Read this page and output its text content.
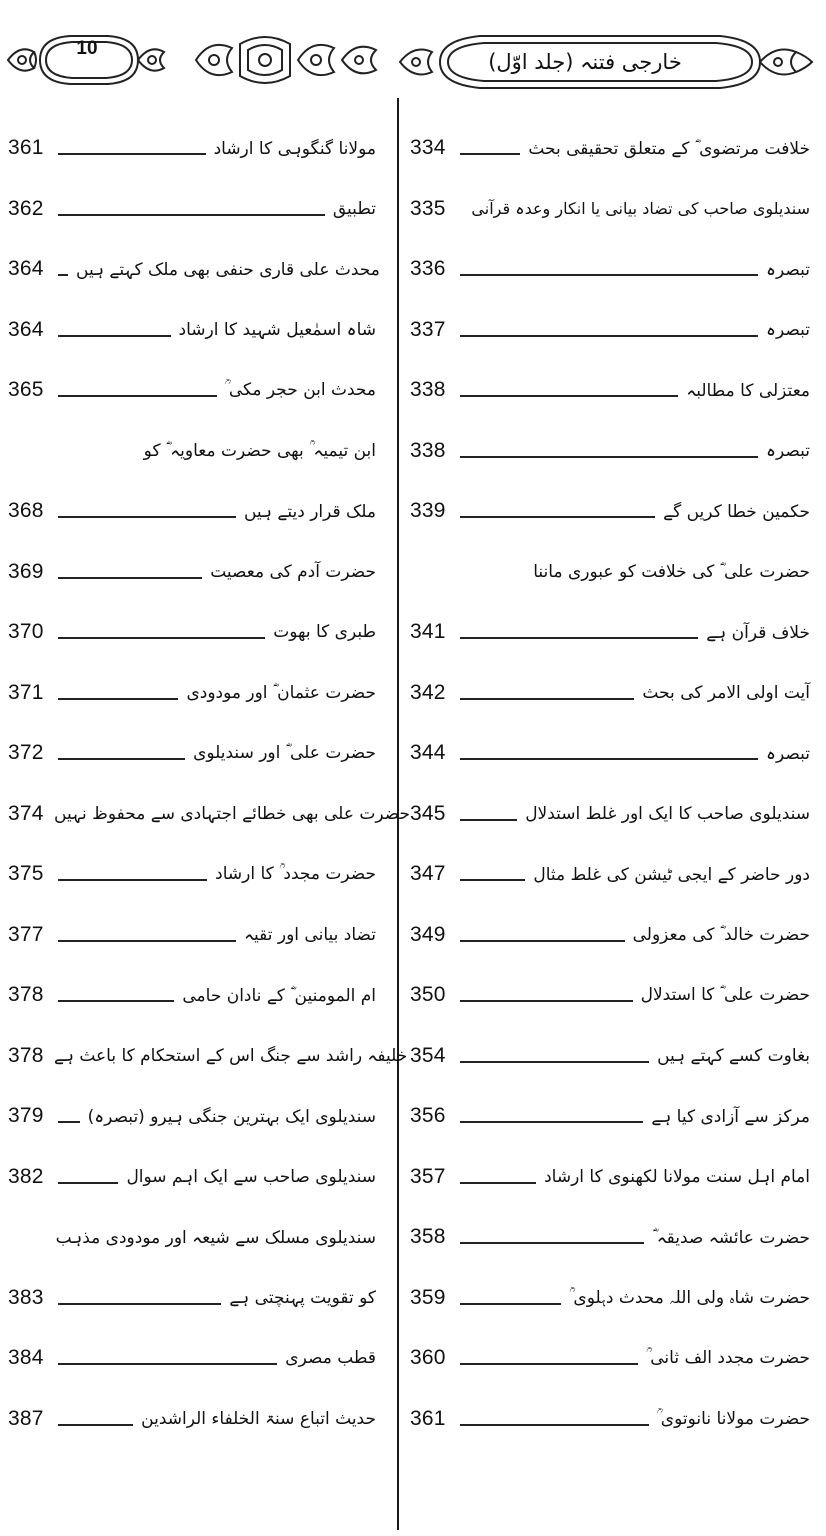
10
خارجی فتنہ (جلد اوّل)
361	مولانا گنگوہی کا ارشاد
362	تطبیق
364	محدث علی قاری حنفی بھی ملک کہتے ہیں
364	شاہ اسمٰعیل شہید کا ارشاد
365	محدث ابن حجر مکی ؒ
ابن تیمیہ ؒ بھی حضرت معاویہ ؓ کو
368	ملک قرار دیتے ہیں
369	حضرت آدم کی معصیت
370	طبری کا بھوت
371	حضرت عثمان ؓ اور مودودی
372	حضرت علی ؓ اور سندیلوی
374 حضرت علی بھی خطائے اجتہادی سے محفوظ نہیں
375	حضرت مجدد ؒ کا ارشاد
377	تضاد بیانی اور تقیہ
378	ام المومنین ؓ کے نادان حامی
378 خلیفہ راشد سے جنگ اس کے استحکام کا باعث ہے
379	سندیلوی ایک بہترین جنگی ہیرو (تبصرہ)
382	سندیلوی صاحب سے ایک اہم سوال
سندیلوی مسلک سے شیعہ اور مودودی مذہب
383	کو تقویت پہنچتی ہے
384	قطب مصری
387	حدیث اتباع سنۃ الخلفاء الراشدین
334	خلافت مرتضوی ؓ کے متعلق تحقیقی بحث
335	سندیلوی صاحب کی تضاد بیانی یا انکار وعدہ قرآنی
336	تبصرہ
337	تبصرہ
338	معتزلی کا مطالبہ
338	تبصرہ
339	حکمین خطا کریں گے
حضرت علی ؓ کی خلافت کو عبوری ماننا
341	خلاف قرآن ہے
342	آیت اولی الامر کی بحث
344	تبصرہ
345	سندیلوی صاحب کا ایک اور غلط استدلال
347	دور حاضر کے ایجی ٹیشن کی غلط مثال
349	حضرت خالد ؓ کی معزولی
350	حضرت علی ؓ کا استدلال
354	بغاوت کسے کہتے ہیں
356	مرکز سے آزادی کیا ہے
357	امام اہل سنت مولانا لکھنوی کا ارشاد
358	حضرت عائشہ صدیقہ ؓ
359	حضرت شاہ ولی اللہ محدث دہلوی ؒ
360	حضرت مجدد الف ثانی ؒ
361	حضرت مولانا نانوتوی ؒ
